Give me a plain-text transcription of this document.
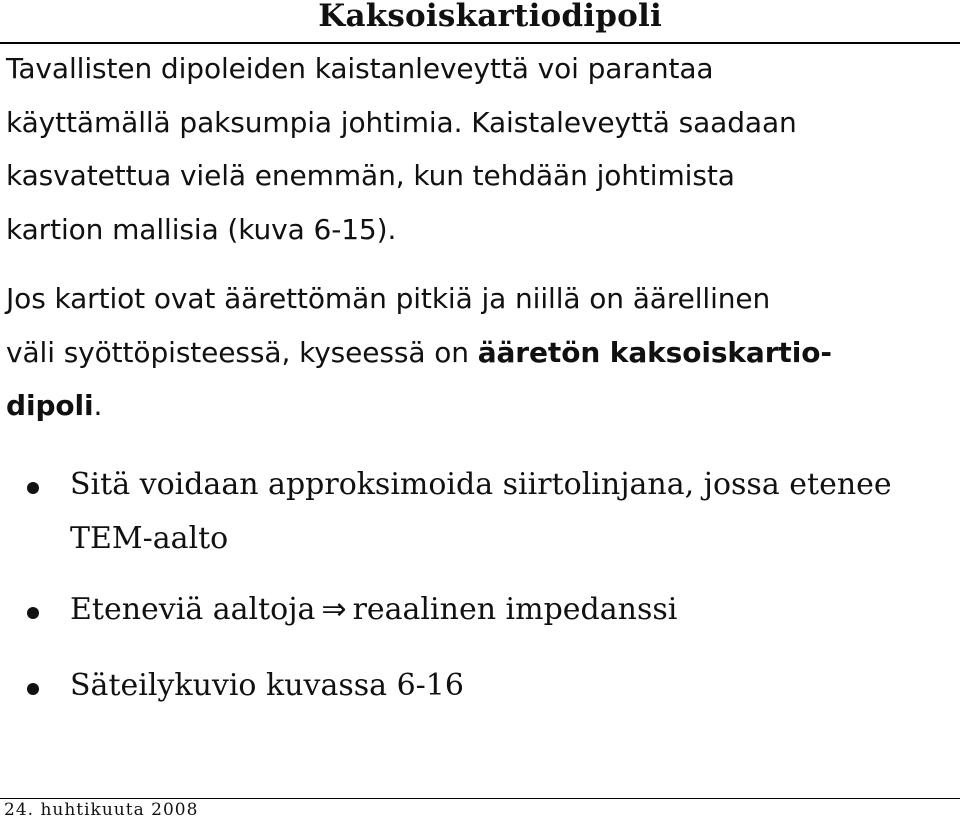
Kaksoiskartiodipoli

Tavallisten dipoleiden kaistanleveyttä voi parantaa
käyttämällä paksumpia johtimia. Kaistaleveyttä saadaan
kasvatettua vielä enemmän, kun tehdään johtimista
kartion mallisia (kuva 6-15).

Jos kartiot ovat äärettömän pitkiä ja niillä on äärellinen
väli syöttöpisteessä, kyseessä on ääretön kaksoiskartio-
dipoli.

Sitä voidaan approksimoida siirtolinjana, jossa etenee
TEM-aalto
Eteneviä aaltoja ⇒ reaalinen impedanssi
Säteilykuvio kuvassa 6-16
24. huhtikuuta 2008
